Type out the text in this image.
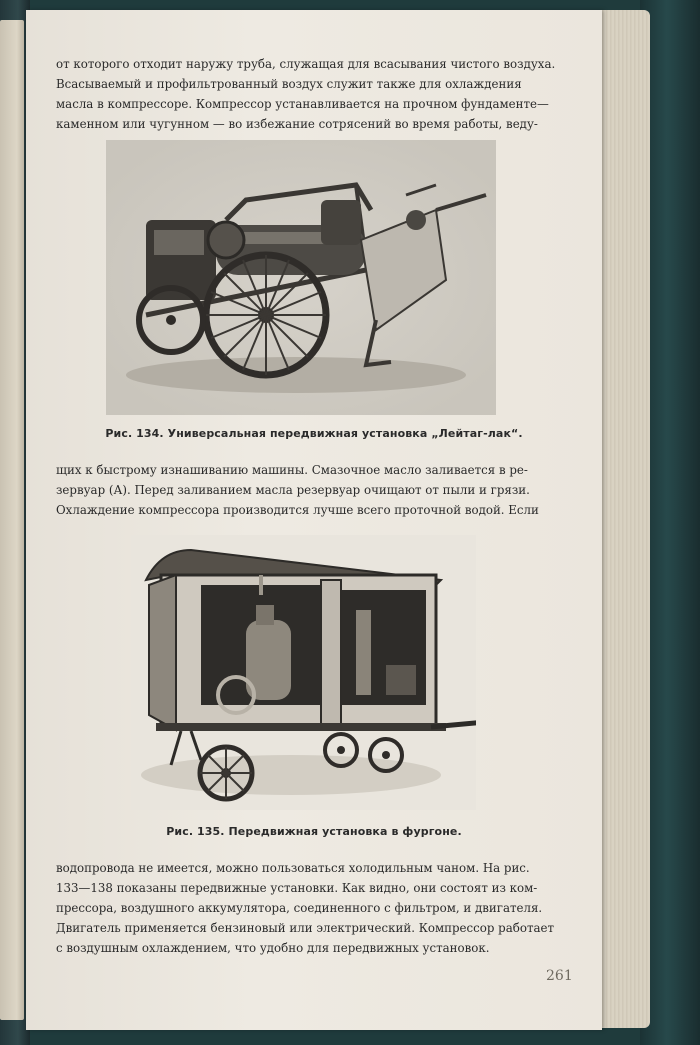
от которого отходит наружу труба, служащая для всасывания чистого воздуха.
Всасываемый и профильтрованный воздух служит также для охлаждения
масла в компрессоре. Компрессор устанавливается на прочном фундаменте—
каменном или чугунном — во избежание сотрясений во время работы, веду-
Рис. 134. Универсальная передвижная установка „Лейтаг-лак“.
щих к быстрому изнашиванию машины. Смазочное масло заливается в ре-
зервуар (А). Перед заливанием масла резервуар очищают от пыли и грязи.
Охлаждение компрессора производится лучше всего проточной водой. Если
Рис. 135. Передвижная установка в фургоне.
водопровода не имеется, можно пользоваться холодильным чаном. На рис.
133—138 показаны передвижные установки. Как видно, они состоят из ком-
прессора, воздушного аккумулятора, соединенного с фильтром, и двигателя.
Двигатель применяется бензиновый или электрический. Компрессор работает
с воздушным охлаждением, что удобно для передвижных установок.
261
